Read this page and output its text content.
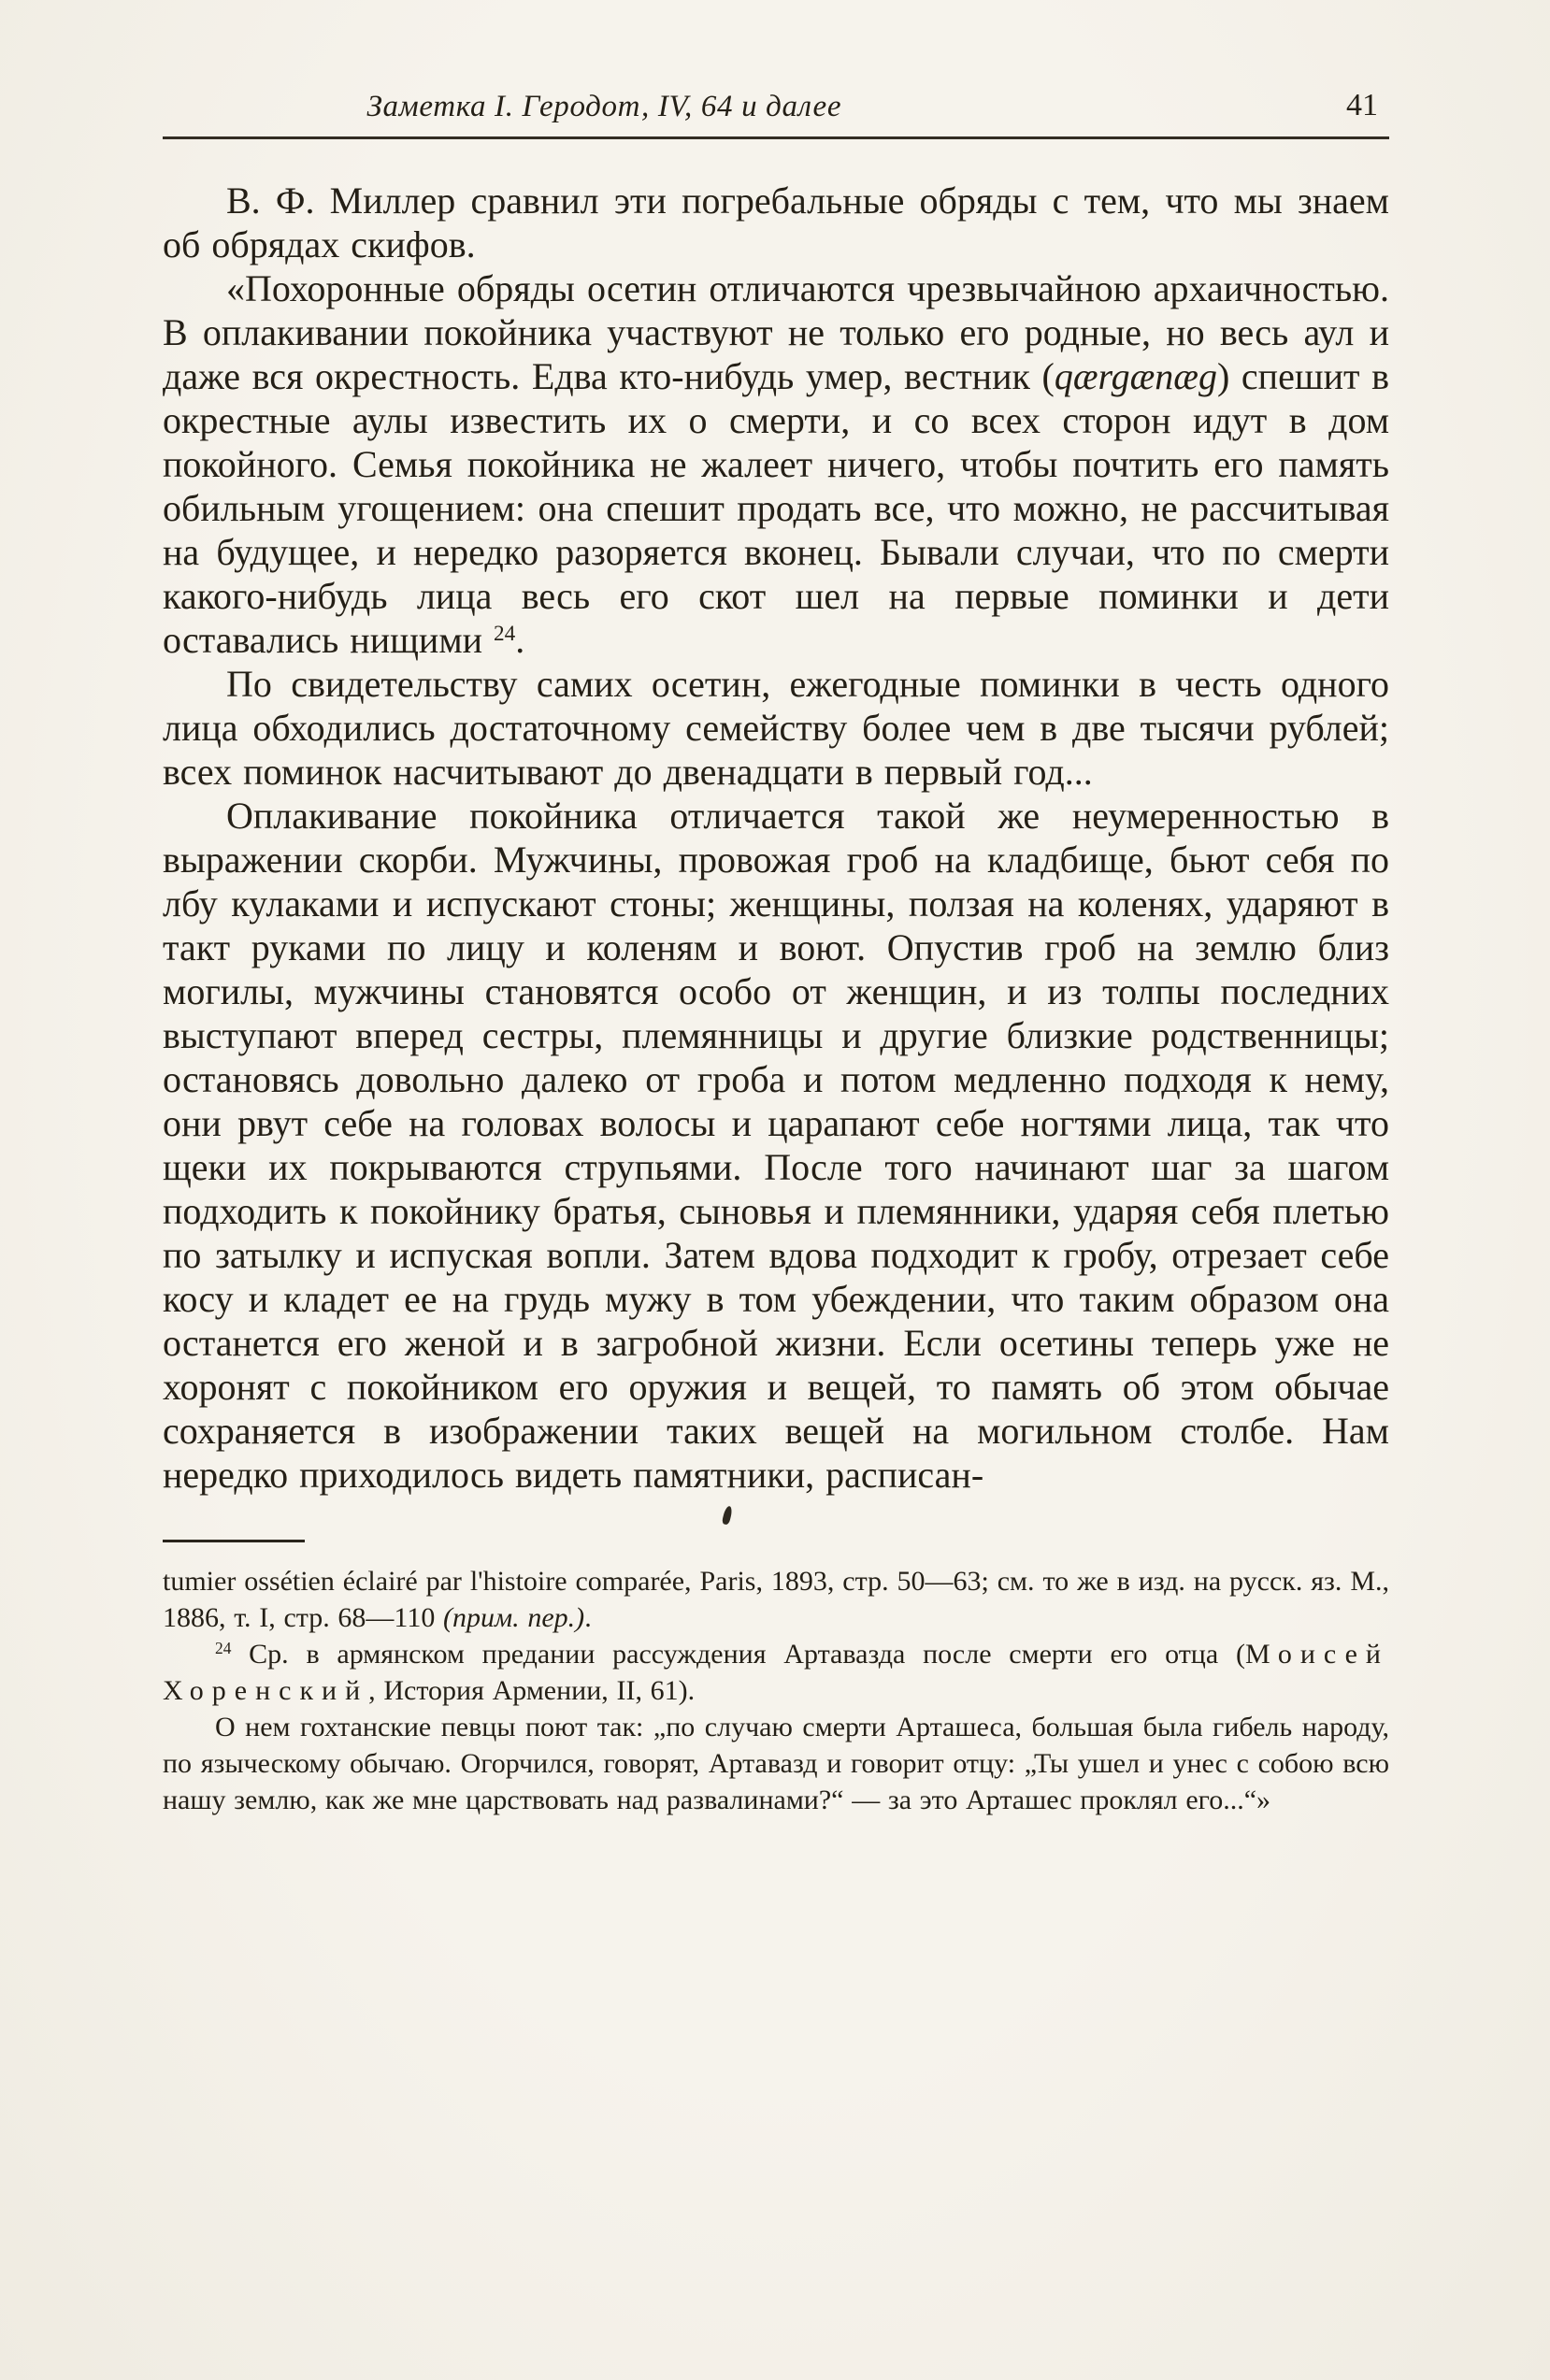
Заметка I. Геродот, IV, 64 и далее	41

В. Ф. Миллер сравнил эти погребальные обряды с тем, что мы знаем об обрядах скифов.

«Похоронные обряды осетин отличаются чрезвычайною архаичностью. В оплакивании покойника участвуют не только его родные, но весь аул и даже вся окрестность. Едва кто-нибудь умер, вестник (qærgænæg) спешит в окрестные аулы известить их о смерти, и со всех сторон идут в дом покойного. Семья покойника не жалеет ничего, чтобы почтить его память обильным угощением: она спешит продать все, что можно, не рассчитывая на будущее, и нередко разоряется вконец. Бывали случаи, что по смерти какого-нибудь лица весь его скот шел на первые поминки и дети оставались нищими $^{24}$.

По свидетельству самих осетин, ежегодные поминки в честь одного лица обходились достаточному семейству более чем в две тысячи рублей; всех поминок насчитывают до двенадцати в первый год...

Оплакивание покойника отличается такой же неумеренностью в выражении скорби. Мужчины, провожая гроб на кладбище, бьют себя по лбу кулаками и испускают стоны; женщины, ползая на коленях, ударяют в такт руками по лицу и коленям и воют. Опустив гроб на землю близ могилы, мужчины становятся особо от женщин, и из толпы последних выступают вперед сестры, племянницы и другие близкие родственницы; остановясь довольно далеко от гроба и потом медленно подходя к нему, они рвут себе на головах волосы и царапают себе ногтями лица, так что щеки их покрываются струпьями. После того начинают шаг за шагом подходить к покойнику братья, сыновья и племянники, ударяя себя плетью по затылку и испуская вопли. Затем вдова подходит к гробу, отрезает себе косу и кладет ее на грудь мужу в том убеждении, что таким образом она останется его женой и в загробной жизни. Если осетины теперь уже не хоронят с покойником его оружия и вещей, то память об этом обычае сохраняется в изображении таких вещей на могильном столбе. Нам нередко приходилось видеть памятники, расписан-

tumier ossétien éclairé par l'histoire comparée, Paris, 1893, стр. 50—63; см. то же в изд. на русск. яз. М., 1886, т. I, стр. 68—110 (прим. пер.).

$^{24}$ Ср. в армянском предании рассуждения Артавазда после смерти его отца (Моисей Хоренский, История Армении, II, 61).

О нем гохтанские певцы поют так: „по случаю смерти Арташеса, большая была гибель народу, по языческому обычаю. Огорчился, говорят, Артавазд и говорит отцу: „Ты ушел и унес с собою всю нашу землю, как же мне царствовать над развалинами?“ — за это Арташес проклял его...“»
